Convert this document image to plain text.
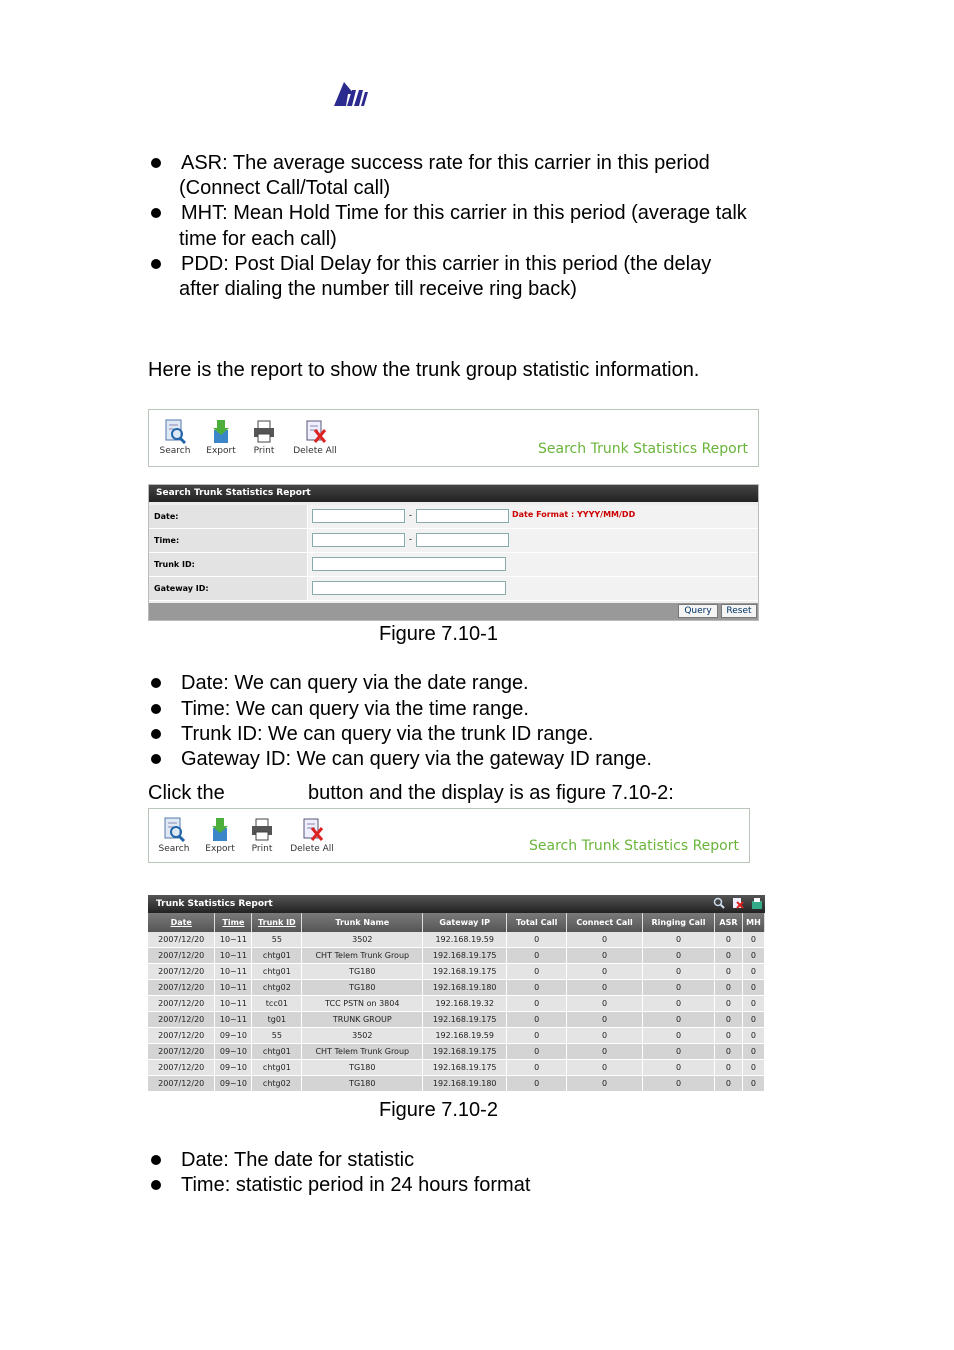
ASR: The average success rate for this carrier in this period
(Connect Call/Total call)
MHT: Mean Hold Time for this carrier in this period (average talk
time for each call)
PDD: Post Dial Delay for this carrier in this period (the delay
after dialing the number till receive ring back)
Here is the report to show the trunk group statistic information.
Search	Export	Print	Delete All	Search Trunk Statistics Report
Search Trunk Statistics Report
Date:	-	Date Format : YYYY/MM/DD
Time:	-
Trunk ID:
Gateway ID:
Query	Reset
Figure 7.10-1
Date: We can query via the date range.
Time: We can query via the time range.
Trunk ID: We can query via the trunk ID range.
Gateway ID: We can query via the gateway ID range.
Click the	button and the display is as figure 7.10-2:
Search	Export	Print	Delete All	Search Trunk Statistics Report
Trunk Statistics Report

Date	Time	Trunk ID	Trunk Name	Gateway IP	Total Call	Connect Call	Ringing Call	ASR	MH
2007/12/20	10~11	55	3502	192.168.19.59	0	0	0	0	0
2007/12/20	10~11	chtg01	CHT Telem Trunk Group	192.168.19.175	0	0	0	0	0
2007/12/20	10~11	chtg01	TG180	192.168.19.175	0	0	0	0	0
2007/12/20	10~11	chtg02	TG180	192.168.19.180	0	0	0	0	0
2007/12/20	10~11	tcc01	TCC PSTN on 3804	192.168.19.32	0	0	0	0	0
2007/12/20	10~11	tg01	TRUNK GROUP	192.168.19.175	0	0	0	0	0
2007/12/20	09~10	55	3502	192.168.19.59	0	0	0	0	0
2007/12/20	09~10	chtg01	CHT Telem Trunk Group	192.168.19.175	0	0	0	0	0
2007/12/20	09~10	chtg01	TG180	192.168.19.175	0	0	0	0	0
2007/12/20	09~10	chtg02	TG180	192.168.19.180	0	0	0	0	0
Figure 7.10-2
Date: The date for statistic
Time: statistic period in 24 hours format
